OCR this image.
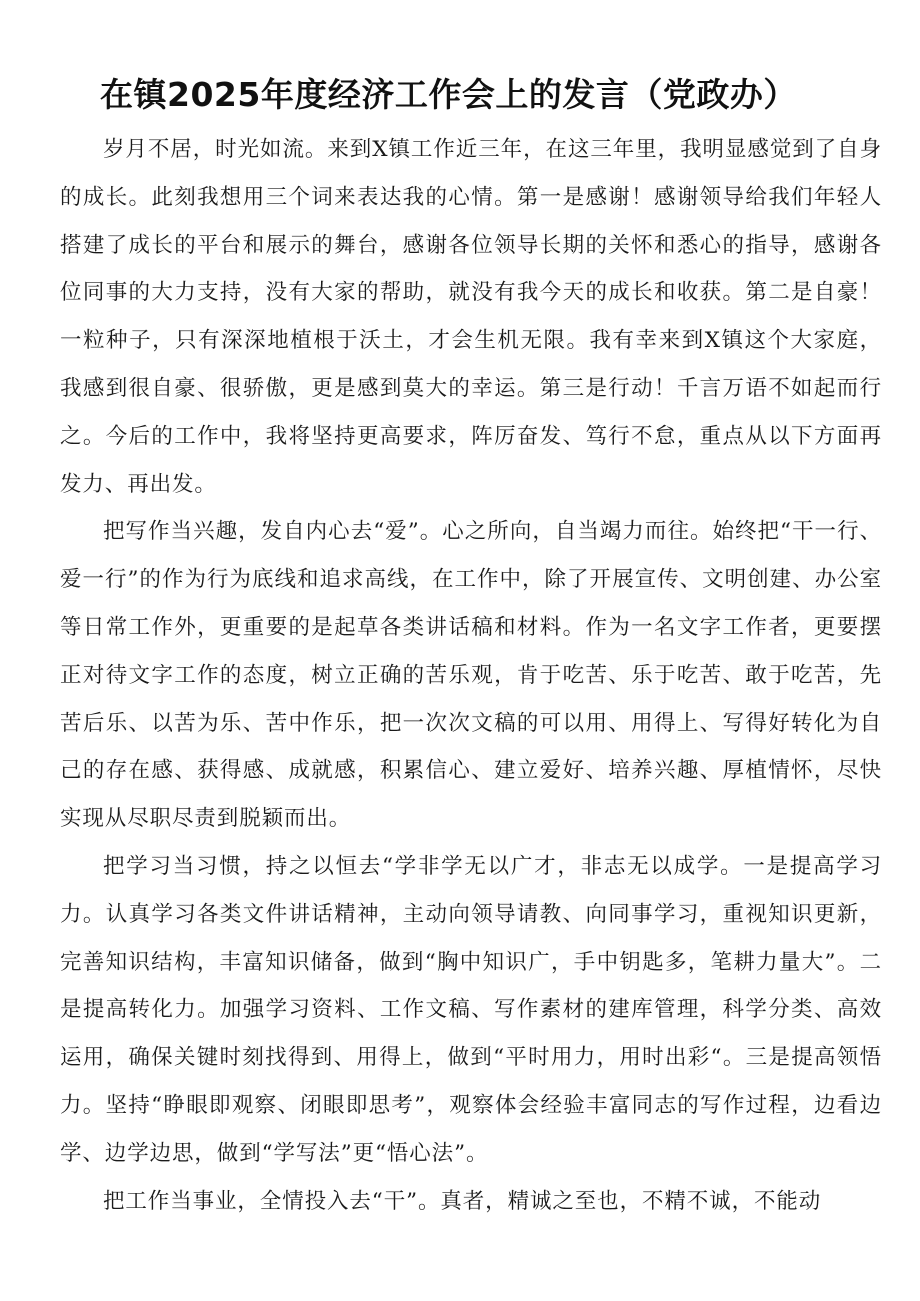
在镇2025年度经济工作会上的发言（党政办）

岁月不居，时光如流。来到X镇工作近三年，在这三年里，我明显感觉到了自身的成长。此刻我想用三个词来表达我的心情。第一是感谢！感谢领导给我们年轻人搭建了成长的平台和展示的舞台，感谢各位领导长期的关怀和悉心的指导，感谢各位同事的大力支持，没有大家的帮助，就没有我今天的成长和收获。第二是自豪！一粒种子，只有深深地植根于沃土，才会生机无限。我有幸来到X镇这个大家庭，我感到很自豪、很骄傲，更是感到莫大的幸运。第三是行动！千言万语不如起而行之。今后的工作中，我将坚持更高要求，阵厉奋发、笃行不怠，重点从以下方面再发力、再出发。

把写作当兴趣，发自内心去“爱”。心之所向，自当竭力而往。始终把“干一行、爱一行”的作为行为底线和追求高线，在工作中，除了开展宣传、文明创建、办公室等日常工作外，更重要的是起草各类讲话稿和材料。作为一名文字工作者，更要摆正对待文字工作的态度，树立正确的苦乐观，肯于吃苦、乐于吃苦、敢于吃苦，先苦后乐、以苦为乐、苦中作乐，把一次次文稿的可以用、用得上、写得好转化为自己的存在感、获得感、成就感，积累信心、建立爱好、培养兴趣、厚植情怀，尽快实现从尽职尽责到脱颖而出。

把学习当习惯，持之以恒去“学非学无以广才，非志无以成学。一是提高学习力。认真学习各类文件讲话精神，主动向领导请教、向同事学习，重视知识更新，完善知识结构，丰富知识储备，做到“胸中知识广，手中钥匙多，笔耕力量大”。二是提高转化力。加强学习资料、工作文稿、写作素材的建库管理，科学分类、高效运用，确保关键时刻找得到、用得上，做到“平时用力，用时出彩“。三是提高领悟力。坚持“睁眼即观察、闭眼即思考”，观察体会经验丰富同志的写作过程，边看边学、边学边思，做到“学写法”更“悟心法”。

把工作当事业，全情投入去“干”。真者，精诚之至也，不精不诚，不能动
